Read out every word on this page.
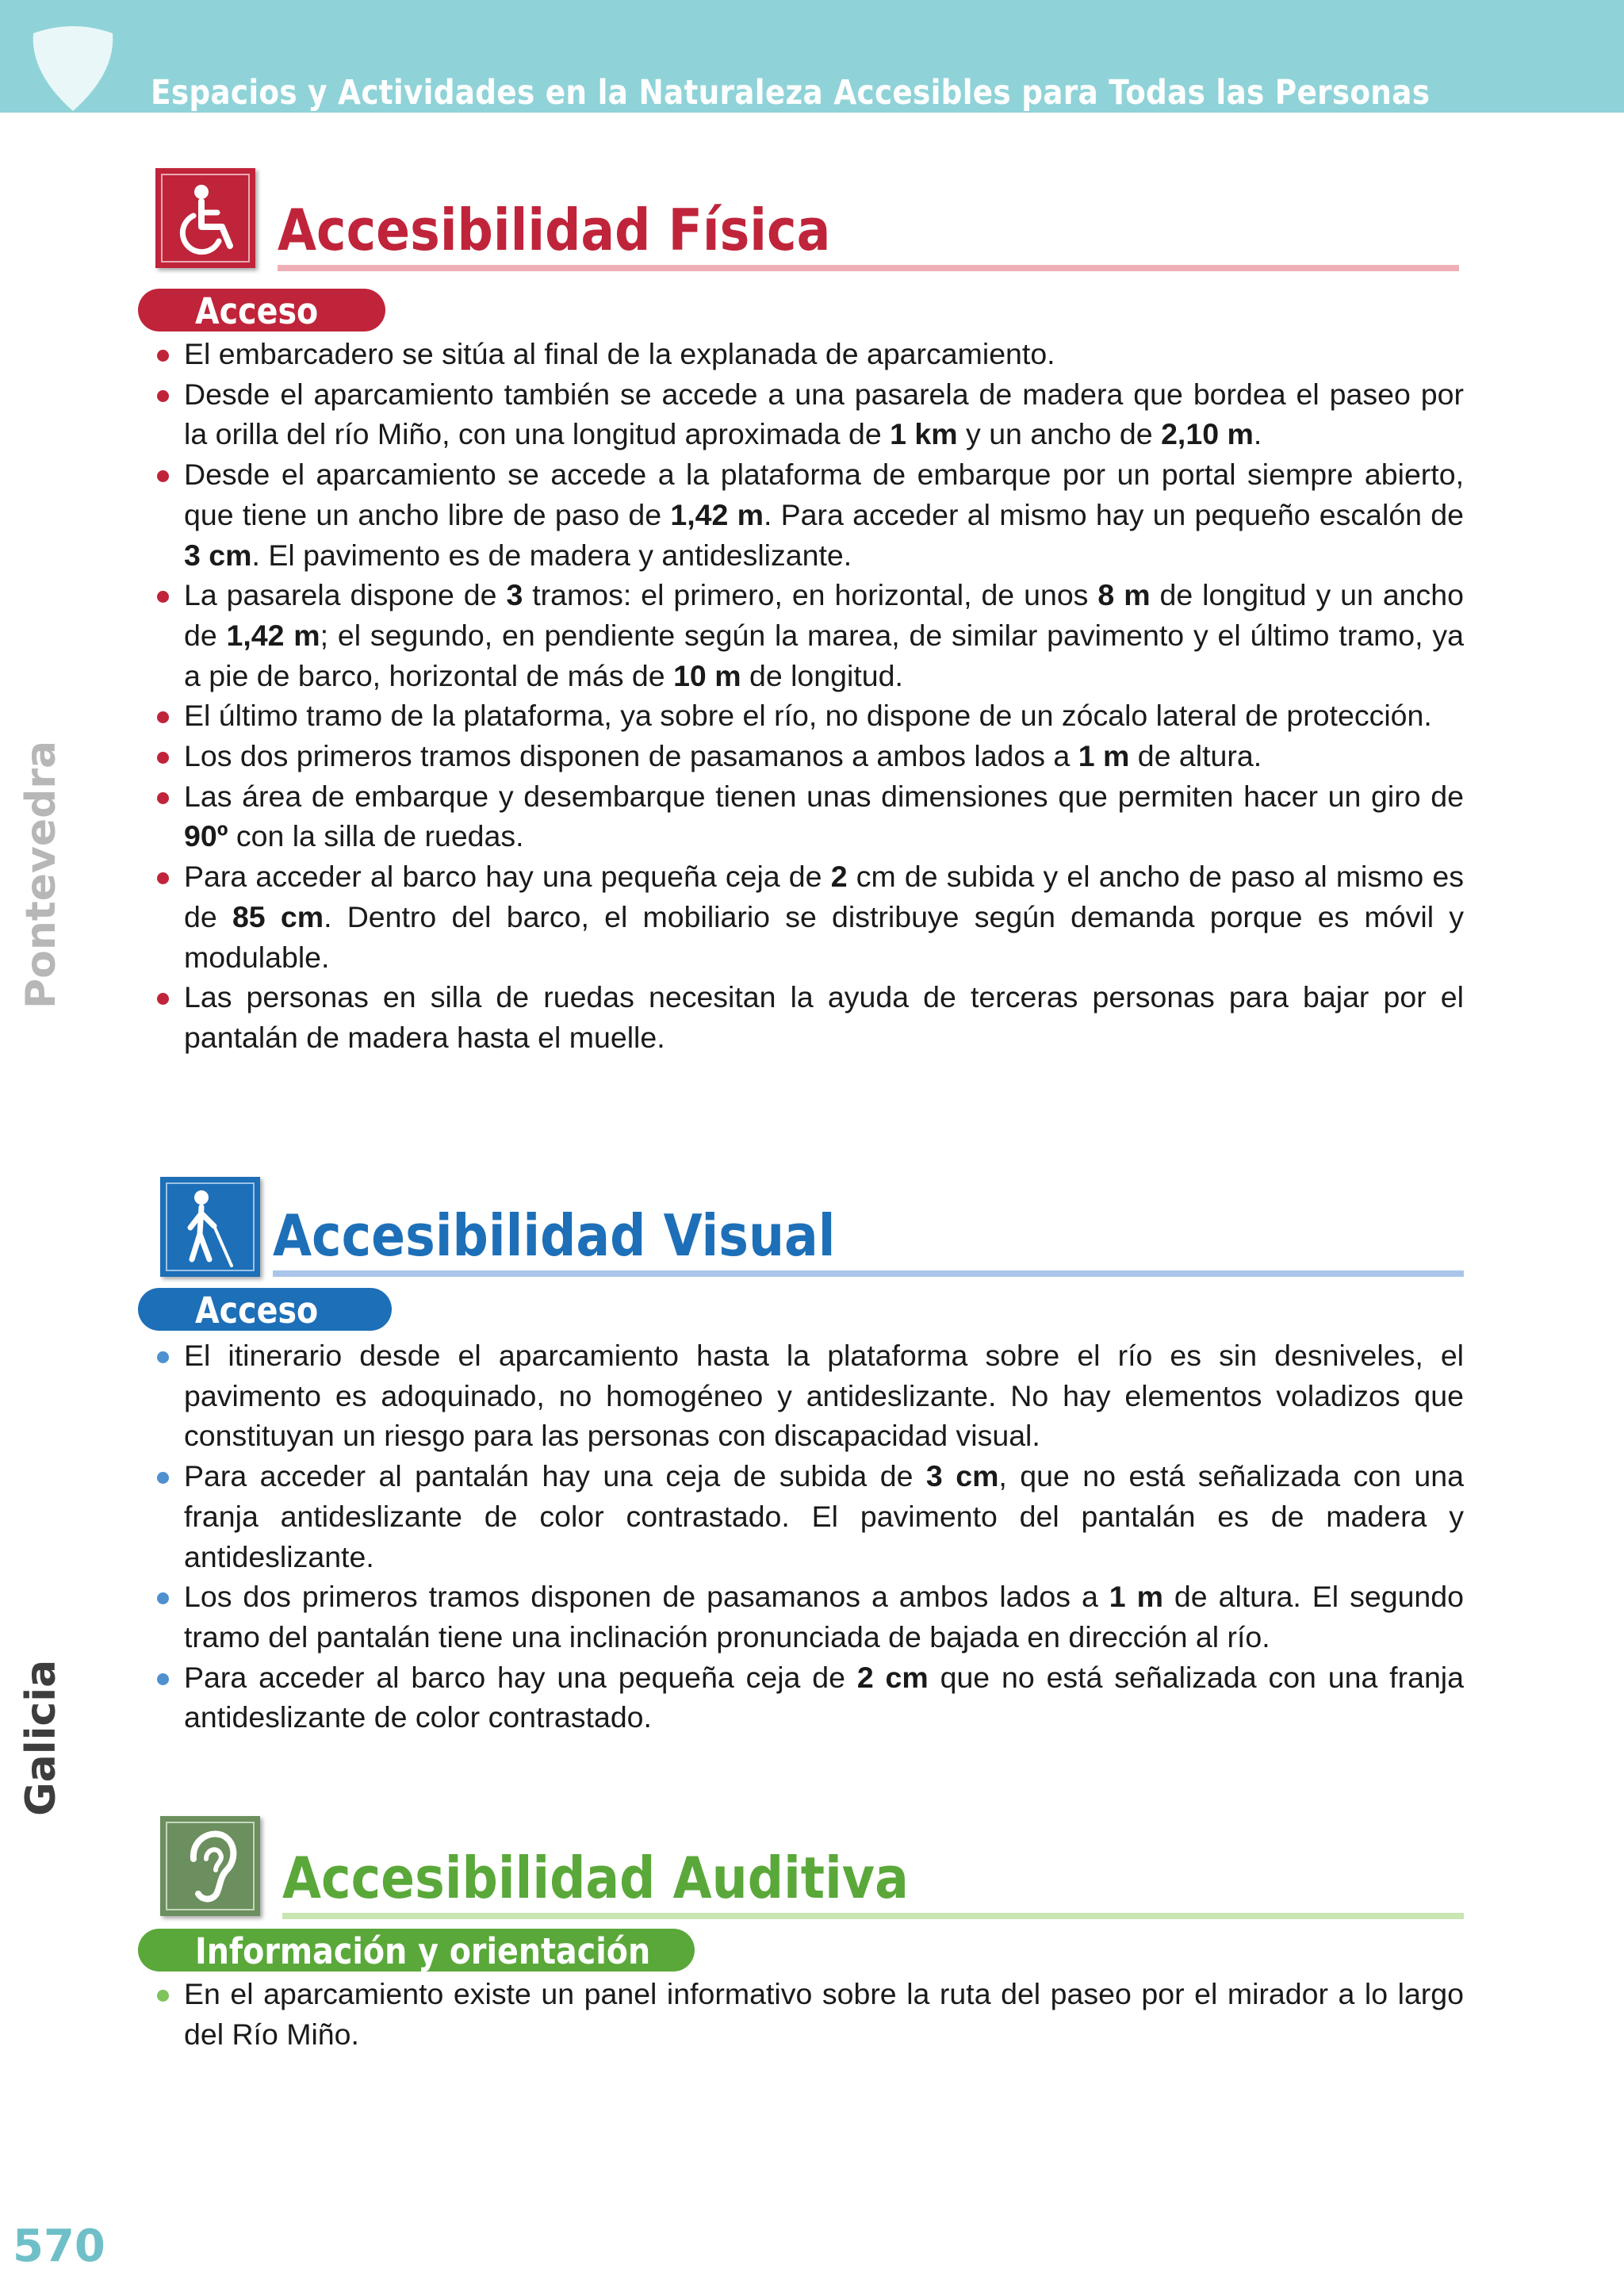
Espacios y Actividades en la Naturaleza Accesibles para Todas las Personas
Pontevedra
Galicia
Accesibilidad Física
Acceso
El embarcadero se sitúa al final de la explanada de aparcamiento.
Desde el aparcamiento también se accede a una pasarela de madera que bordea el paseo por la orilla del río Miño, con una longitud aproximada de 1 km y un ancho de 2,10 m.
Desde el aparcamiento se accede a la plataforma de embarque por un portal siempre abierto, que tiene un ancho libre de paso de 1,42 m. Para acceder al mismo hay un pequeño escalón de 3 cm. El pavimento es de madera y antideslizante.
La pasarela dispone de 3 tramos: el primero, en horizontal, de unos 8 m de longitud y un ancho de 1,42 m; el segundo, en pendiente según la marea, de similar pavimento y el último tramo, ya a pie de barco, horizontal de más de 10 m de longitud.
El último tramo de la plataforma, ya sobre el río, no dispone de un zócalo lateral de protección.
Los dos primeros tramos disponen de pasamanos a ambos lados a 1 m de altura.
Las área de embarque y desembarque tienen unas dimensiones que permiten hacer un giro de 90º con la silla de ruedas.
Para acceder al barco hay una pequeña ceja de 2 cm de subida y el ancho de paso al mismo es de 85 cm. Dentro del barco, el mobiliario se distribuye según demanda porque es móvil y modulable.
Las personas en silla de ruedas necesitan la ayuda de terceras personas para bajar por el pantalán de madera hasta el muelle.
Accesibilidad Visual
Acceso
El itinerario desde el aparcamiento hasta la plataforma sobre el río es sin desniveles, el pavimento es adoquinado, no homogéneo y antideslizante. No hay elementos voladizos que constituyan un riesgo para las personas con discapacidad visual.
Para acceder al pantalán hay una ceja de subida de 3 cm, que no está señalizada con una franja antideslizante de color contrastado. El pavimento del pantalán es de madera y antideslizante.
Los dos primeros tramos disponen de pasamanos a ambos lados a 1 m de altura. El segundo tramo del pantalán tiene una inclinación pronunciada de bajada en dirección al río.
Para acceder al barco hay una pequeña ceja de 2 cm que no está señalizada con una franja antideslizante de color contrastado.
Accesibilidad Auditiva
Información y orientación
En el aparcamiento existe un panel informativo sobre la ruta del paseo por el mirador a lo largo del Río Miño.
570
